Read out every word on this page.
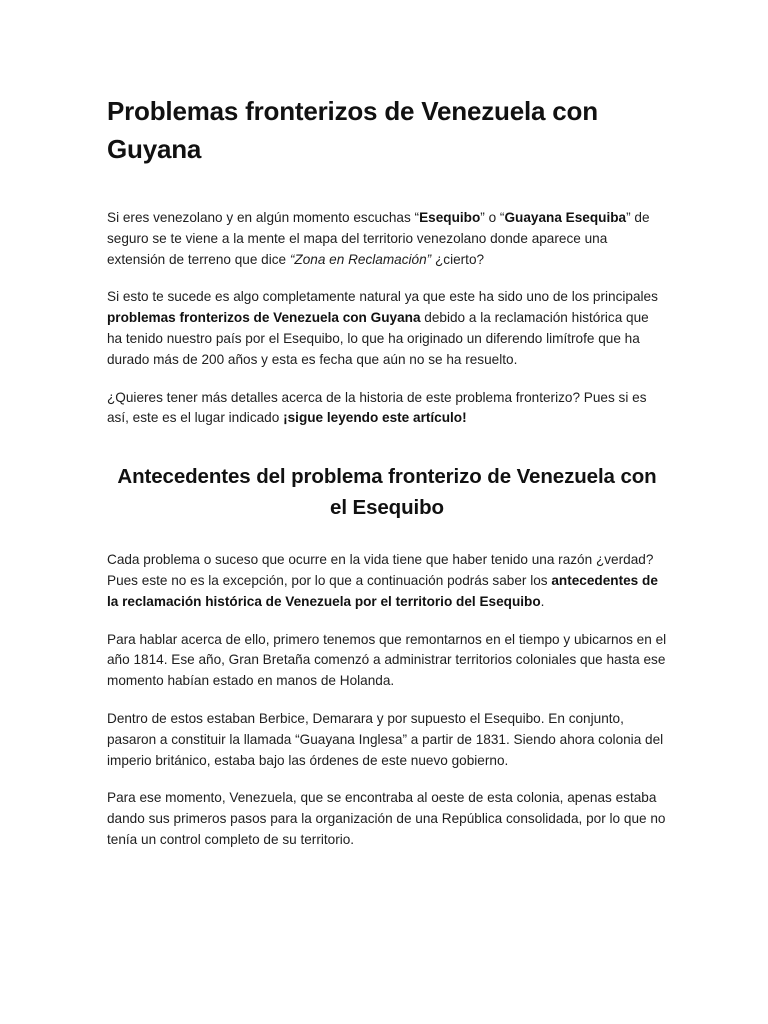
Problemas fronterizos de Venezuela con Guyana

Si eres venezolano y en algún momento escuchas “Esequibo” o “Guayana Esequiba” de seguro se te viene a la mente el mapa del territorio venezolano donde aparece una extensión de terreno que dice “Zona en Reclamación” ¿cierto?

Si esto te sucede es algo completamente natural ya que este ha sido uno de los principales problemas fronterizos de Venezuela con Guyana debido a la reclamación histórica que ha tenido nuestro país por el Esequibo, lo que ha originado un diferendo limítrofe que ha durado más de 200 años y esta es fecha que aún no se ha resuelto.

¿Quieres tener más detalles acerca de la historia de este problema fronterizo? Pues si es así, este es el lugar indicado ¡sigue leyendo este artículo!

Antecedentes del problema fronterizo de Venezuela con el Esequibo

Cada problema o suceso que ocurre en la vida tiene que haber tenido una razón ¿verdad? Pues este no es la excepción, por lo que a continuación podrás saber los antecedentes de la reclamación histórica de Venezuela por el territorio del Esequibo.

Para hablar acerca de ello, primero tenemos que remontarnos en el tiempo y ubicarnos en el año 1814. Ese año, Gran Bretaña comenzó a administrar territorios coloniales que hasta ese momento habían estado en manos de Holanda.

Dentro de estos estaban Berbice, Demarara y por supuesto el Esequibo. En conjunto, pasaron a constituir la llamada “Guayana Inglesa” a partir de 1831. Siendo ahora colonia del imperio británico, estaba bajo las órdenes de este nuevo gobierno.

Para ese momento, Venezuela, que se encontraba al oeste de esta colonia, apenas estaba dando sus primeros pasos para la organización de una República consolidada, por lo que no tenía un control completo de su territorio.
